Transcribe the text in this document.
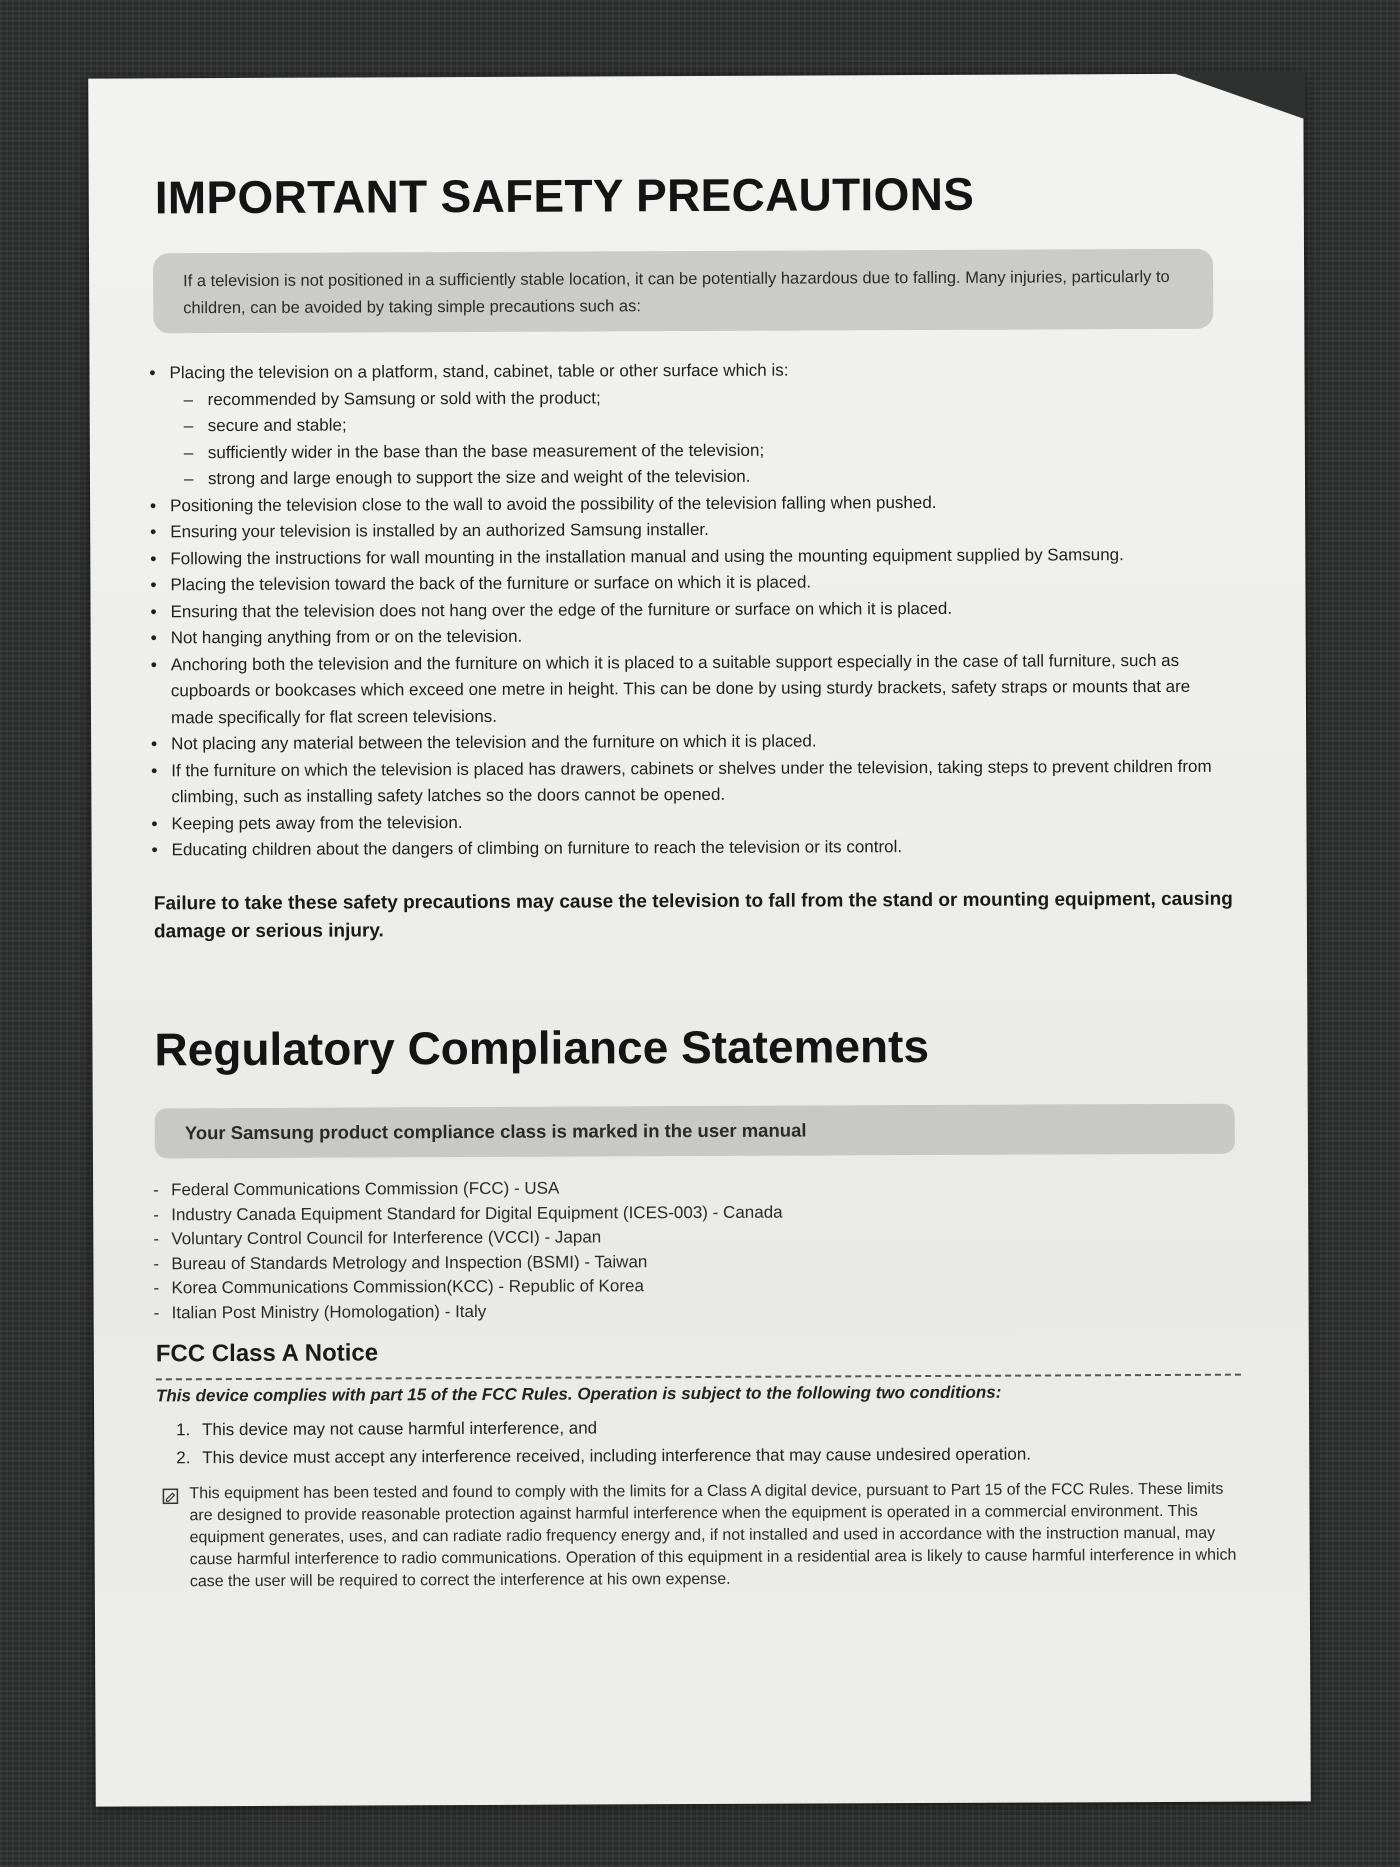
IMPORTANT SAFETY PRECAUTIONS

If a television is not positioned in a sufficiently stable location, it can be potentially hazardous due to falling. Many injuries, particularly to children, can be avoided by taking simple precautions such as:

• Placing the television on a platform, stand, cabinet, table or other surface which is:
– recommended by Samsung or sold with the product;
– secure and stable;
– sufficiently wider in the base than the base measurement of the television;
– strong and large enough to support the size and weight of the television.
• Positioning the television close to the wall to avoid the possibility of the television falling when pushed.
• Ensuring your television is installed by an authorized Samsung installer.
• Following the instructions for wall mounting in the installation manual and using the mounting equipment supplied by Samsung.
• Placing the television toward the back of the furniture or surface on which it is placed.
• Ensuring that the television does not hang over the edge of the furniture or surface on which it is placed.
• Not hanging anything from or on the television.
• Anchoring both the television and the furniture on which it is placed to a suitable support especially in the case of tall furniture, such as cupboards or bookcases which exceed one metre in height. This can be done by using sturdy brackets, safety straps or mounts that are made specifically for flat screen televisions.
• Not placing any material between the television and the furniture on which it is placed.
• If the furniture on which the television is placed has drawers, cabinets or shelves under the television, taking steps to prevent children from climbing, such as installing safety latches so the doors cannot be opened.
• Keeping pets away from the television.
• Educating children about the dangers of climbing on furniture to reach the television or its control.

Failure to take these safety precautions may cause the television to fall from the stand or mounting equipment, causing damage or serious injury.

Regulatory Compliance Statements
Your Samsung product compliance class is marked in the user manual
- Federal Communications Commission (FCC) - USA
- Industry Canada Equipment Standard for Digital Equipment (ICES-003) - Canada
- Voluntary Control Council for Interference (VCCI) - Japan
- Bureau of Standards Metrology and Inspection (BSMI) - Taiwan
- Korea Communications Commission(KCC) - Republic of Korea
- Italian Post Ministry (Homologation) - Italy
FCC Class A Notice

This device complies with part 15 of the FCC Rules. Operation is subject to the following two conditions:

1. This device may not cause harmful interference, and
2. This device must accept any interference received, including interference that may cause undesired operation.

This equipment has been tested and found to comply with the limits for a Class A digital device, pursuant to Part 15 of the FCC Rules. These limits are designed to provide reasonable protection against harmful interference when the equipment is operated in a commercial environment. This equipment generates, uses, and can radiate radio frequency energy and, if not installed and used in accordance with the instruction manual, may cause harmful interference to radio communications. Operation of this equipment in a residential area is likely to cause harmful interference in which case the user will be required to correct the interference at his own expense.
